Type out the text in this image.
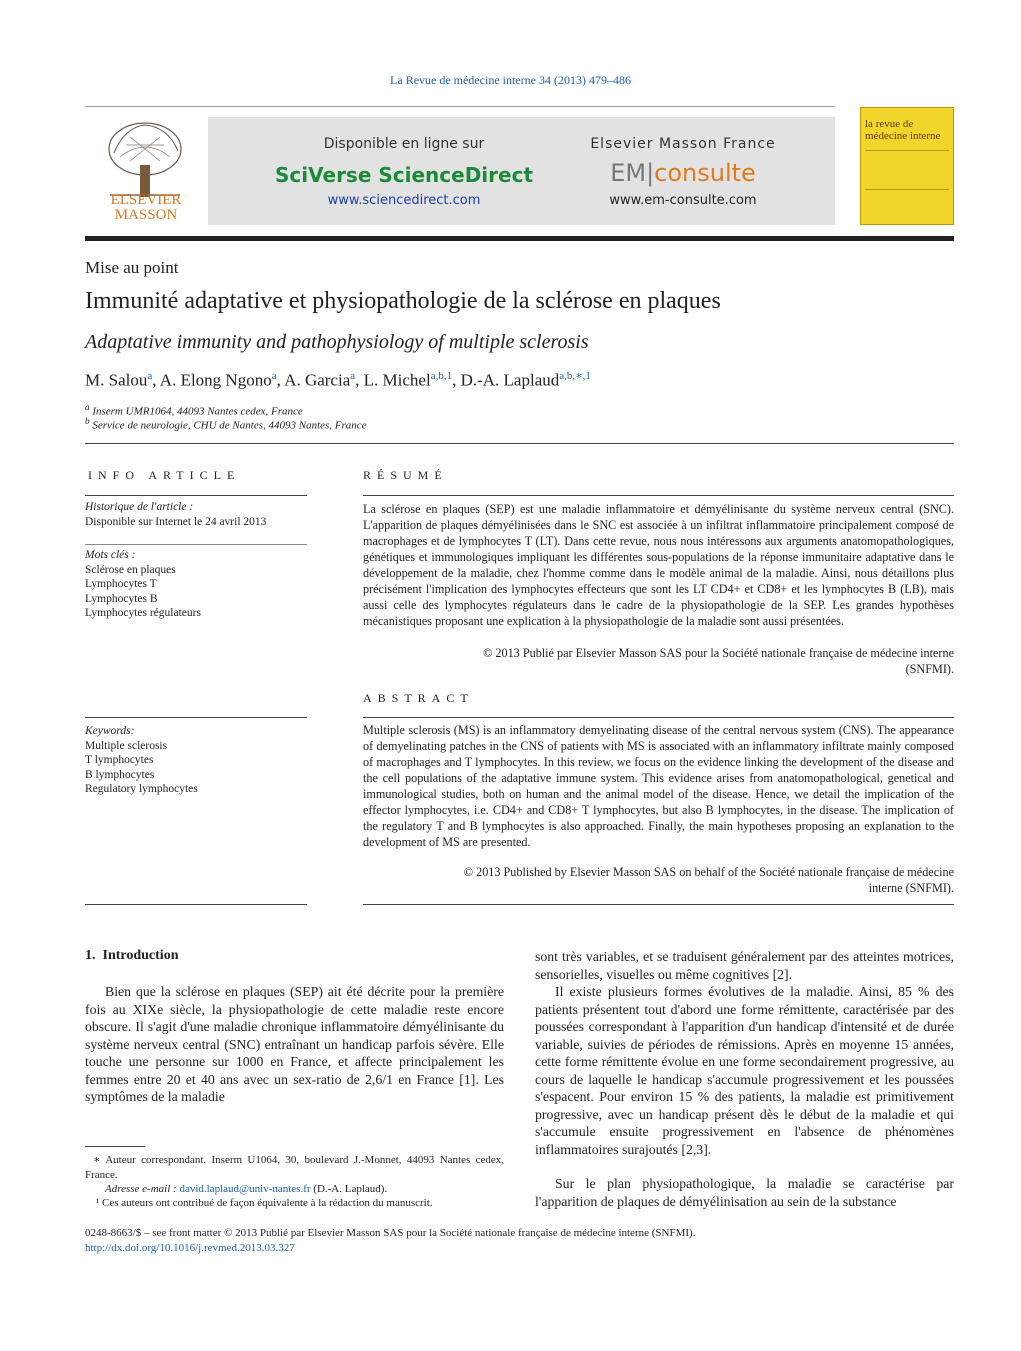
La Revue de médecine interne 34 (2013) 479–486
ELSEVIER
MASSON
Disponible en ligne sur
SciVerse ScienceDirect
www.sciencedirect.com
Elsevier Masson France
EM|consulte
www.em-consulte.com
la revue de
médecine interne
Mise au point
Immunité adaptative et physiopathologie de la sclérose en plaques
Adaptative immunity and pathophysiology of multiple sclerosis
M. Salou$^a$, A. Elong Ngono$^a$, A. Garcia$^a$, L. Michel$^{a,b,1}$, D.-A. Laplaud$^{a,b,∗,1}$
$^a$ Inserm UMR1064, 44093 Nantes cedex, France
$^b$ Service de neurologie, CHU de Nantes, 44093 Nantes, France
INFO ARTICLE
Historique de l'article :
Disponible sur Internet le 24 avril 2013
Mots clés :
Sclérose en plaques
Lymphocytes T
Lymphocytes B
Lymphocytes régulateurs
Keywords:
Multiple sclerosis
T lymphocytes
B lymphocytes
Regulatory lymphocytes
RÉSUMÉ
La sclérose en plaques (SEP) est une maladie inflammatoire et démyélinisante du système nerveux central (SNC). L'apparition de plaques démyélinisées dans le SNC est associée à un infiltrat inflammatoire principalement composé de macrophages et de lymphocytes T (LT). Dans cette revue, nous nous intéressons aux arguments anatomopathologiques, génétiques et immunologiques impliquant les différentes sous-populations de la réponse immunitaire adaptative dans le développement de la maladie, chez l'homme comme dans le modèle animal de la maladie. Ainsi, nous détaillons plus précisément l'implication des lymphocytes effecteurs que sont les LT CD4+ et CD8+ et les lymphocytes B (LB), mais aussi celle des lymphocytes régulateurs dans le cadre de la physiopathologie de la SEP. Les grandes hypothèses mécanistiques proposant une explication à la physiopathologie de la maladie sont aussi présentées.
© 2013 Publié par Elsevier Masson SAS pour la Société nationale française de médecine interne
(SNFMI).
ABSTRACT
Multiple sclerosis (MS) is an inflammatory demyelinating disease of the central nervous system (CNS). The appearance of demyelinating patches in the CNS of patients with MS is associated with an inflammatory infiltrate mainly composed of macrophages and T lymphocytes. In this review, we focus on the evidence linking the development of the disease and the cell populations of the adaptative immune system. This evidence arises from anatomopathological, genetical and immunological studies, both on human and the animal model of the disease. Hence, we detail the implication of the effector lymphocytes, i.e. CD4+ and CD8+ T lymphocytes, but also B lymphocytes, in the disease. The implication of the regulatory T and B lymphocytes is also approached. Finally, the main hypotheses proposing an explanation to the development of MS are presented.
© 2013 Published by Elsevier Masson SAS on behalf of the Société nationale française de médecine
interne (SNFMI).
1. Introduction
Bien que la sclérose en plaques (SEP) ait été décrite pour la première fois au XIXe siècle, la physiopathologie de cette maladie reste encore obscure. Il s'agit d'une maladie chronique inflammatoire démyélinisante du système nerveux central (SNC) entraînant un handicap parfois sévère. Elle touche une personne sur 1000 en France, et affecte principalement les femmes entre 20 et 40 ans avec un sex-ratio de 2,6/1 en France [1]. Les symptômes de la maladie
sont très variables, et se traduisent généralement par des atteintes motrices, sensorielles, visuelles ou même cognitives [2].
Il existe plusieurs formes évolutives de la maladie. Ainsi, 85 % des patients présentent tout d'abord une forme rémittente, caractérisée par des poussées correspondant à l'apparition d'un handicap d'intensité et de durée variable, suivies de périodes de rémissions. Après en moyenne 15 années, cette forme rémittente évolue en une forme secondairement progressive, au cours de laquelle le handicap s'accumule progressivement et les poussées s'espacent. Pour environ 15 % des patients, la maladie est primitivement progressive, avec un handicap présent dès le début de la maladie et qui s'accumule ensuite progressivement en l'absence de phénomènes inflammatoires surajoutés [2,3].
Sur le plan physiopathologique, la maladie se caractérise par l'apparition de plaques de démyélinisation au sein de la substance
∗ Auteur correspondant. Inserm U1064, 30, boulevard J.-Monnet, 44093 Nantes cedex, France.
Adresse e-mail : david.laplaud@univ-nantes.fr (D.-A. Laplaud).
¹ Ces auteurs ont contribué de façon équivalente à la rédaction du manuscrit.
0248-8663/$ – see front matter © 2013 Publié par Elsevier Masson SAS pour la Société nationale française de médecine interne (SNFMI).
http://dx.doi.org/10.1016/j.revmed.2013.03.327
